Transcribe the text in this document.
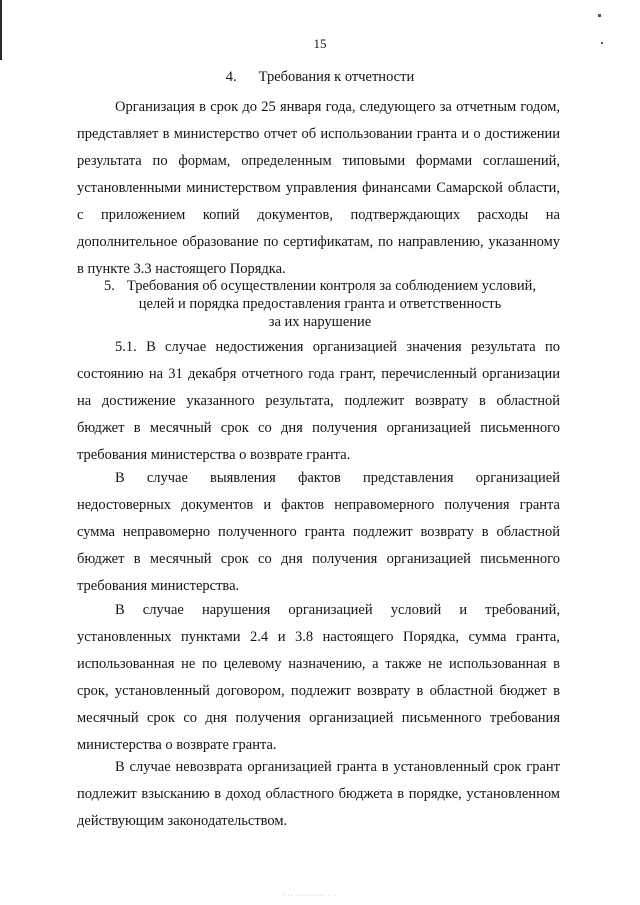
15
4. Требования к отчетности

Организация в срок до 25 января года, следующего за отчетным годом, представляет в министерство отчет об использовании гранта и о достижении результата по формам, определенным типовыми формами соглашений, установленными министерством управления финансами Самарской области, с приложением копий документов, подтверждающих расходы на дополнительное образование по сертификатам, по направлению, указанному в пункте 3.3 настоящего Порядка.

5. Требования об осуществлении контроля за соблюдением условий,
целей и порядка предоставления гранта и ответственность
за их нарушение

5.1. В случае недостижения организацией значения результата по состоянию на 31 декабря отчетного года грант, перечисленный организации на достижение указанного результата, подлежит возврату в областной бюджет в месячный срок со дня получения организацией письменного требования министерства о возврате гранта.

В случае выявления фактов представления организацией недостоверных документов и фактов неправомерного получения гранта сумма неправомерно полученного гранта подлежит возврату в областной бюджет в месячный срок со дня получения организацией письменного требования министерства.

В случае нарушения организацией условий и требований, установленных пунктами 2.4 и 3.8 настоящего Порядка, сумма гранта, использованная не по целевому назначению, а также не использованная в срок, установленный договором, подлежит возврату в областной бюджет в месячный срок со дня получения организацией письменного требования министерства о возврате гранта.

В случае невозврата организацией гранта в установленный срок грант подлежит взысканию в доход областного бюджета в порядке, установленном действующим законодательством.

· ·· ·········· · ·
